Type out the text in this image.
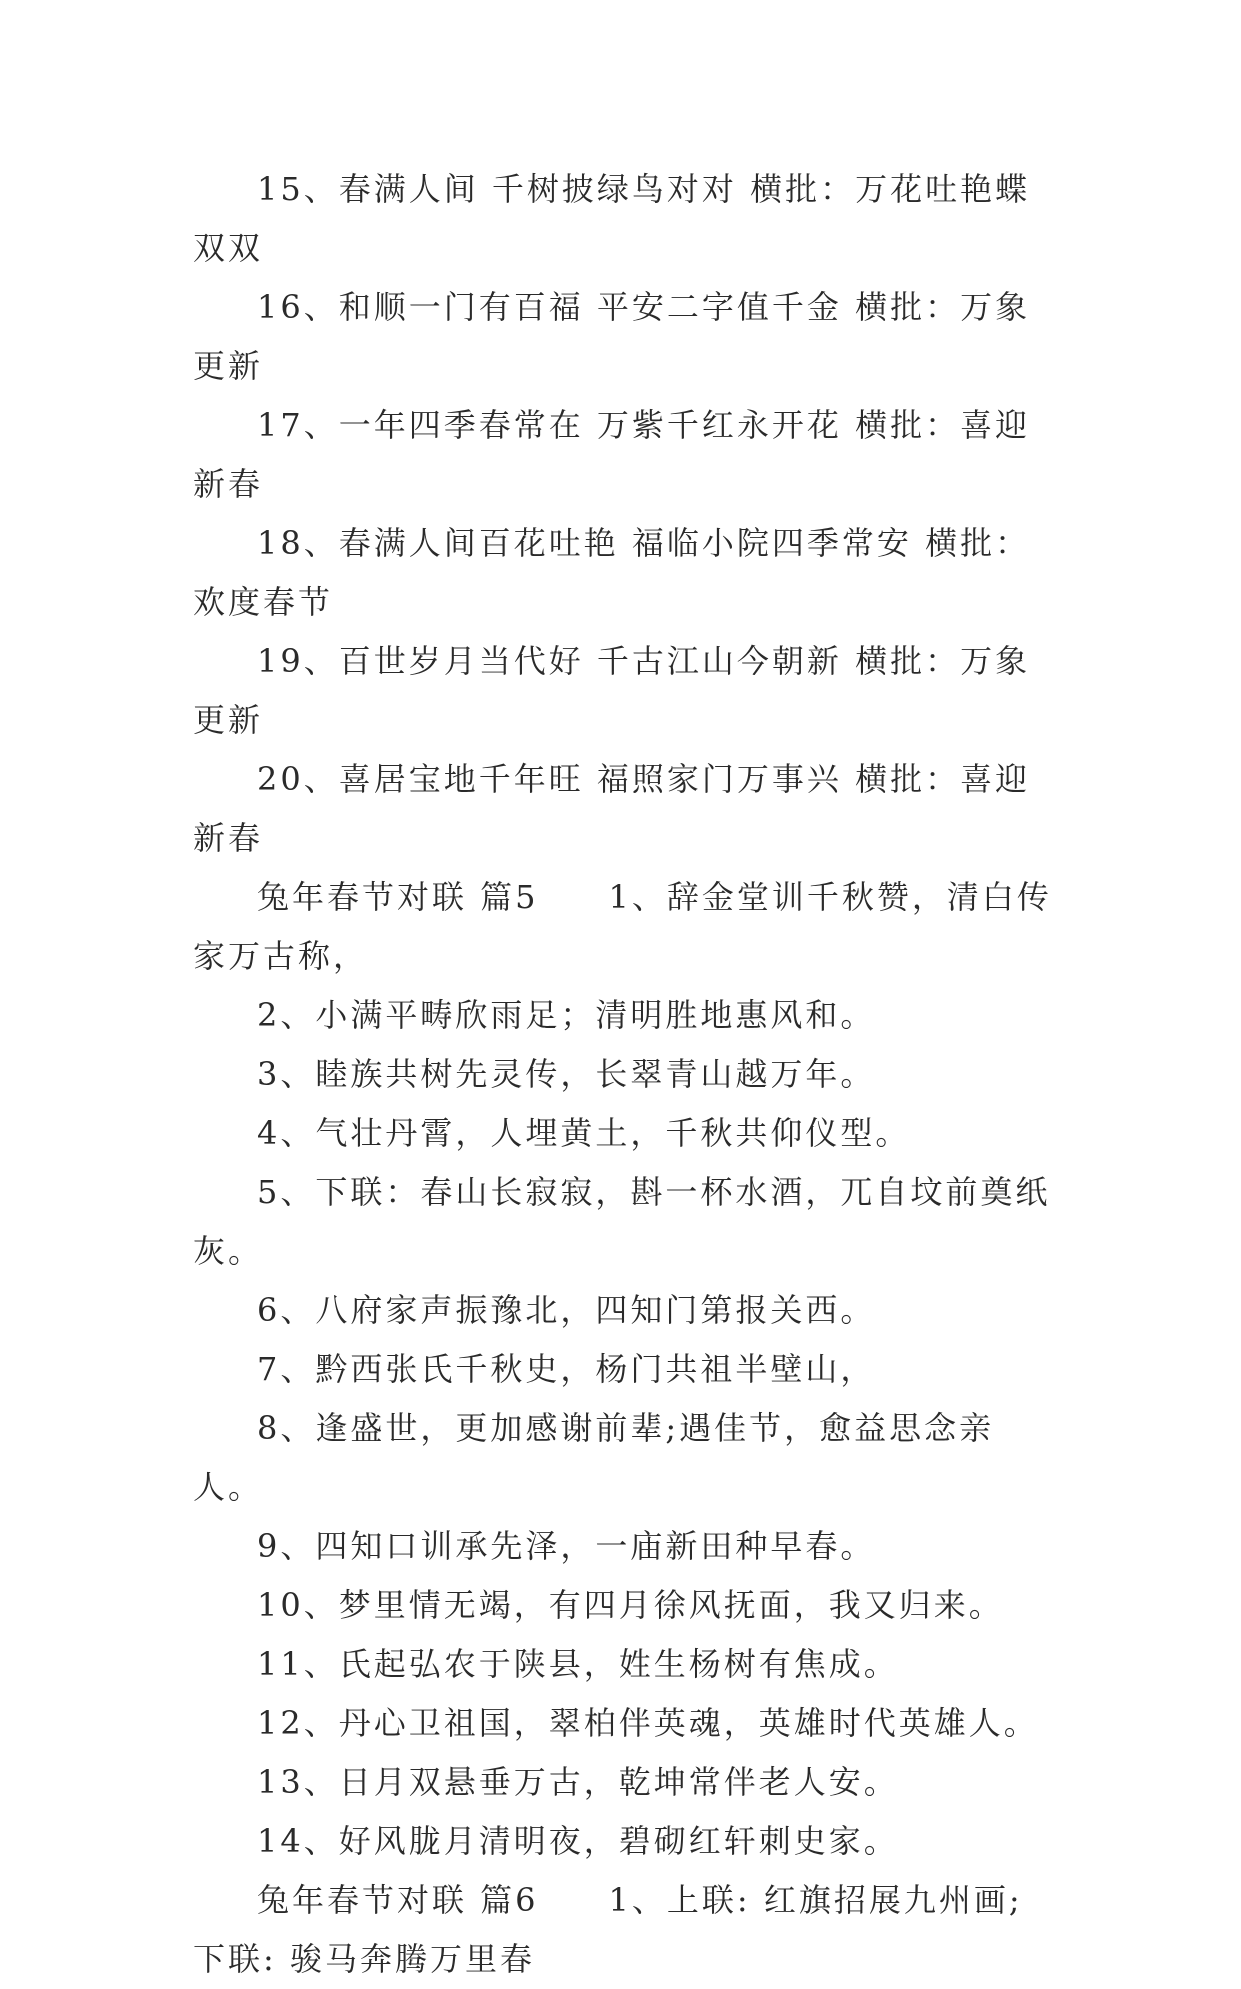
15、春满人间 千树披绿鸟对对 横批：万花吐艳蝶双双

16、和顺一门有百福 平安二字值千金 横批：万象更新

17、一年四季春常在 万紫千红永开花 横批：喜迎新春

18、春满人间百花吐艳 福临小院四季常安 横批：欢度春节

19、百世岁月当代好 千古江山今朝新 横批：万象更新

20、喜居宝地千年旺 福照家门万事兴 横批：喜迎新春

兔年春节对联 篇5　　1、辞金堂训千秋赞，清白传家万古称，

2、小满平畴欣雨足；清明胜地惠风和。

3、睦族共树先灵传，长翠青山越万年。

4、气壮丹霄，人埋黄土，千秋共仰仪型。

5、下联：春山长寂寂，斟一杯水酒，兀自坟前奠纸灰。

6、八府家声振豫北，四知门第报关西。

7、黔西张氏千秋史，杨门共祖半壁山，

8、逢盛世，更加感谢前辈;遇佳节，愈益思念亲人。

9、四知口训承先泽，一庙新田种早春。

10、梦里情无竭，有四月徐风抚面，我又归来。

11、氏起弘农于陕县，姓生杨树有焦成。

12、丹心卫祖国，翠柏伴英魂，英雄时代英雄人。

13、日月双悬垂万古，乾坤常伴老人安。

14、好风胧月清明夜，碧砌红轩刺史家。

兔年春节对联 篇6　　1、上联: 红旗招展九州画;下联: 骏马奔腾万里春
